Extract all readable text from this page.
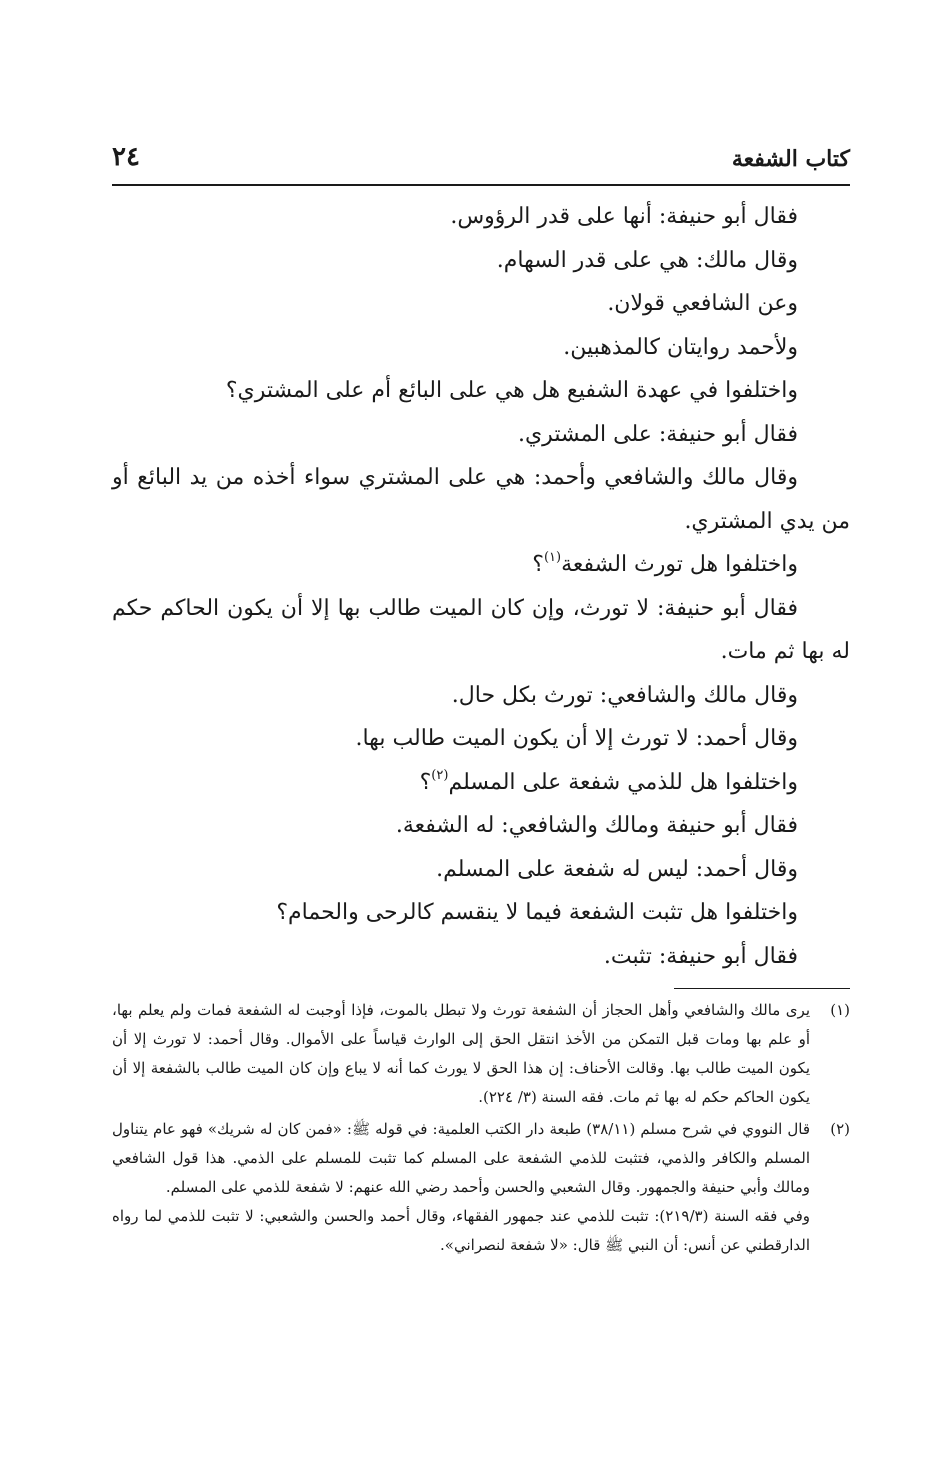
كتاب الشفعة
٢٤

فقال أبو حنيفة: أنها على قدر الرؤوس.

وقال مالك: هي على قدر السهام.

وعن الشافعي قولان.

ولأحمد روايتان كالمذهبين.

واختلفوا في عهدة الشفيع هل هي على البائع أم على المشتري؟

فقال أبو حنيفة: على المشتري.

وقال مالك والشافعي وأحمد: هي على المشتري سواء أخذه من يد البائع أو من يدي المشتري.

واختلفوا هل تورث الشفعة$^{(١)}$؟

فقال أبو حنيفة: لا تورث، وإن كان الميت طالب بها إلا أن يكون الحاكم حكم له بها ثم مات.

وقال مالك والشافعي: تورث بكل حال.

وقال أحمد: لا تورث إلا أن يكون الميت طالب بها.

واختلفوا هل للذمي شفعة على المسلم$^{(٢)}$؟

فقال أبو حنيفة ومالك والشافعي: له الشفعة.

وقال أحمد: ليس له شفعة على المسلم.

واختلفوا هل تثبت الشفعة فيما لا ينقسم كالرحى والحمام؟

فقال أبو حنيفة: تثبت.

(١)

يرى مالك والشافعي وأهل الحجاز أن الشفعة تورث ولا تبطل بالموت، فإذا أوجبت له الشفعة فمات ولم يعلم بها، أو علم بها ومات قبل التمكن من الأخذ انتقل الحق إلى الوارث قياساً على الأموال. وقال أحمد: لا تورث إلا أن يكون الميت طالب بها. وقالت الأحناف: إن هذا الحق لا يورث كما أنه لا يباع وإن كان الميت طالب بالشفعة إلا أن يكون الحاكم حكم له بها ثم مات. فقه السنة (٣/ ٢٢٤).

(٢)

قال النووي في شرح مسلم (٣٨/١١) طبعة دار الكتب العلمية: في قوله ﷺ: «فمن كان له شريك» فهو عام يتناول المسلم والكافر والذمي، فتثبت للذمي الشفعة على المسلم كما تثبت للمسلم على الذمي. هذا قول الشافعي ومالك وأبي حنيفة والجمهور. وقال الشعبي والحسن وأحمد رضي الله عنهم: لا شفعة للذمي على المسلم.

وفي فقه السنة (٢١٩/٣): تثبت للذمي عند جمهور الفقهاء، وقال أحمد والحسن والشعبي: لا تثبت للذمي لما رواه الدارقطني عن أنس: أن النبي ﷺ قال: «لا شفعة لنصراني».
